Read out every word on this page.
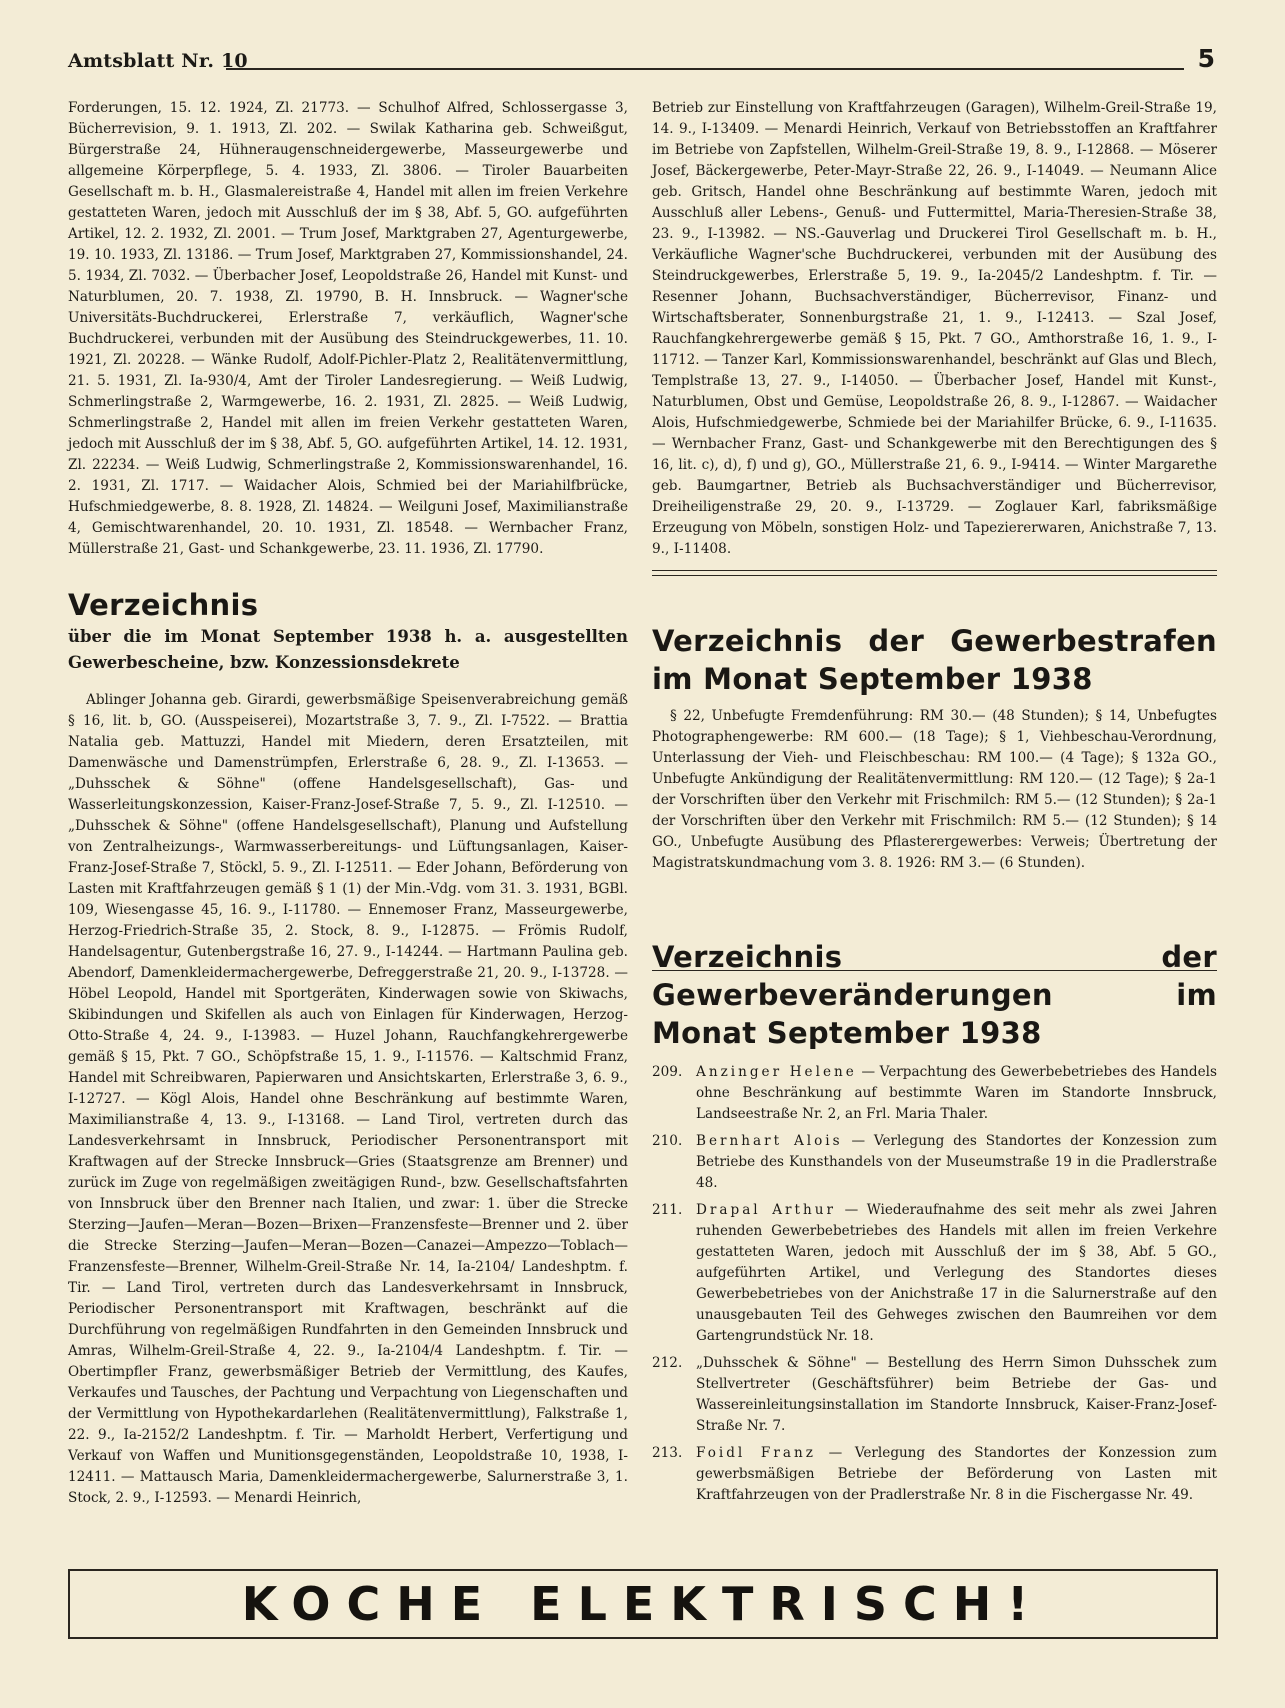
Amtsblatt Nr. 10	5

Forderungen, 15. 12. 1924, Zl. 21773. — Schulhof Alfred, Schlossergasse 3, Bücherrevision, 9. 1. 1913, Zl. 202. — Swilak Katharina geb. Schweißgut, Bürgerstraße 24, Hühneraugenschneidergewerbe, Masseurgewerbe und allgemeine Körperpflege, 5. 4. 1933, Zl. 3806. — Tiroler Bauarbeiten Gesellschaft m. b. H., Glasmalereistraße 4, Handel mit allen im freien Verkehre gestatteten Waren, jedoch mit Ausschluß der im § 38, Abf. 5, GO. aufgeführten Artikel, 12. 2. 1932, Zl. 2001. — Trum Josef, Marktgraben 27, Agenturgewerbe, 19. 10. 1933, Zl. 13186. — Trum Josef, Marktgraben 27, Kommissionshandel, 24. 5. 1934, Zl. 7032. — Überbacher Josef, Leopoldstraße 26, Handel mit Kunst- und Naturblumen, 20. 7. 1938, Zl. 19790, B. H. Innsbruck. — Wagner'sche Universitäts-Buchdruckerei, Erlerstraße 7, verkäuflich, Wagner'sche Buchdruckerei, verbunden mit der Ausübung des Steindruckgewerbes, 11. 10. 1921, Zl. 20228. — Wänke Rudolf, Adolf-Pichler-Platz 2, Realitätenvermittlung, 21. 5. 1931, Zl. Ia-930/4, Amt der Tiroler Landesregierung. — Weiß Ludwig, Schmerlingstraße 2, Warmgewerbe, 16. 2. 1931, Zl. 2825. — Weiß Ludwig, Schmerlingstraße 2, Handel mit allen im freien Verkehr gestatteten Waren, jedoch mit Ausschluß der im § 38, Abf. 5, GO. aufgeführten Artikel, 14. 12. 1931, Zl. 22234. — Weiß Ludwig, Schmerlingstraße 2, Kommissionswarenhandel, 16. 2. 1931, Zl. 1717. — Waidacher Alois, Schmied bei der Mariahilfbrücke, Hufschmiedgewerbe, 8. 8. 1928, Zl. 14824. — Weilguni Josef, Maximilianstraße 4, Gemischtwarenhandel, 20. 10. 1931, Zl. 18548. — Wernbacher Franz, Müllerstraße 21, Gast- und Schankgewerbe, 23. 11. 1936, Zl. 17790.

Verzeichnis

über die im Monat September 1938 h. a. ausgestellten Gewerbescheine, bzw. Konzessionsdekrete

Ablinger Johanna geb. Girardi, gewerbsmäßige Speisenverabreichung gemäß § 16, lit. b, GO. (Ausspeiserei), Mozartstraße 3, 7. 9., Zl. I-7522. — Brattia Natalia geb. Mattuzzi, Handel mit Miedern, deren Ersatzteilen, mit Damenwäsche und Damenstrümpfen, Erlerstraße 6, 28. 9., Zl. I-13653. — „Duhsschek & Söhne" (offene Handelsgesellschaft), Gas- und Wasserleitungskonzession, Kaiser-Franz-Josef-Straße 7, 5. 9., Zl. I-12510. — „Duhsschek & Söhne" (offene Handelsgesellschaft), Planung und Aufstellung von Zentralheizungs-, Warmwasserbereitungs- und Lüftungsanlagen, Kaiser-Franz-Josef-Straße 7, Stöckl, 5. 9., Zl. I-12511. — Eder Johann, Beförderung von Lasten mit Kraftfahrzeugen gemäß § 1 (1) der Min.-Vdg. vom 31. 3. 1931, BGBl. 109, Wiesengasse 45, 16. 9., I-11780. — Ennemoser Franz, Masseurgewerbe, Herzog-Friedrich-Straße 35, 2. Stock, 8. 9., I-12875. — Frömis Rudolf, Handelsagentur, Gutenbergstraße 16, 27. 9., I-14244. — Hartmann Paulina geb. Abendorf, Damenkleidermachergewerbe, Defreggerstraße 21, 20. 9., I-13728. — Höbel Leopold, Handel mit Sportgeräten, Kinderwagen sowie von Skiwachs, Skibindungen und Skifellen als auch von Einlagen für Kinderwagen, Herzog-Otto-Straße 4, 24. 9., I-13983. — Huzel Johann, Rauchfangkehrergewerbe gemäß § 15, Pkt. 7 GO., Schöpfstraße 15, 1. 9., I-11576. — Kaltschmid Franz, Handel mit Schreibwaren, Papierwaren und Ansichtskarten, Erlerstraße 3, 6. 9., I-12727. — Kögl Alois, Handel ohne Beschränkung auf bestimmte Waren, Maximilianstraße 4, 13. 9., I-13168. — Land Tirol, vertreten durch das Landesverkehrsamt in Innsbruck, Periodischer Personentransport mit Kraftwagen auf der Strecke Innsbruck—Gries (Staatsgrenze am Brenner) und zurück im Zuge von regelmäßigen zweitägigen Rund-, bzw. Gesellschaftsfahrten von Innsbruck über den Brenner nach Italien, und zwar: 1. über die Strecke Sterzing—Jaufen—Meran—Bozen—Brixen—Franzensfeste—Brenner und 2. über die Strecke Sterzing—Jaufen—Meran—Bozen—Canazei—Ampezzo—Toblach—Franzensfeste—Brenner, Wilhelm-Greil-Straße Nr. 14, Ia-2104/ Landeshptm. f. Tir. — Land Tirol, vertreten durch das Landesverkehrsamt in Innsbruck, Periodischer Personentransport mit Kraftwagen, beschränkt auf die Durchführung von regelmäßigen Rundfahrten in den Gemeinden Innsbruck und Amras, Wilhelm-Greil-Straße 4, 22. 9., Ia-2104/4 Landeshptm. f. Tir. — Obertimpfler Franz, gewerbsmäßiger Betrieb der Vermittlung, des Kaufes, Verkaufes und Tausches, der Pachtung und Verpachtung von Liegenschaften und der Vermittlung von Hypothekardarlehen (Realitätenvermittlung), Falkstraße 1, 22. 9., Ia-2152/2 Landeshptm. f. Tir. — Marholdt Herbert, Verfertigung und Verkauf von Waffen und Munitionsgegenständen, Leopoldstraße 10, 1938, I-12411. — Mattausch Maria, Damenkleidermachergewerbe, Salurnerstraße 3, 1. Stock, 2. 9., I-12593. — Menardi Heinrich,

Betrieb zur Einstellung von Kraftfahrzeugen (Garagen), Wilhelm-Greil-Straße 19, 14. 9., I-13409. — Menardi Heinrich, Verkauf von Betriebsstoffen an Kraftfahrer im Betriebe von Zapfstellen, Wilhelm-Greil-Straße 19, 8. 9., I-12868. — Möserer Josef, Bäckergewerbe, Peter-Mayr-Straße 22, 26. 9., I-14049. — Neumann Alice geb. Gritsch, Handel ohne Beschränkung auf bestimmte Waren, jedoch mit Ausschluß aller Lebens-, Genuß- und Futtermittel, Maria-Theresien-Straße 38, 23. 9., I-13982. — NS.-Gauverlag und Druckerei Tirol Gesellschaft m. b. H., Verkäufliche Wagner'sche Buchdruckerei, verbunden mit der Ausübung des Steindruckgewerbes, Erlerstraße 5, 19. 9., Ia-2045/2 Landeshptm. f. Tir. — Resenner Johann, Buchsachverständiger, Bücherrevisor, Finanz- und Wirtschaftsberater, Sonnenburgstraße 21, 1. 9., I-12413. — Szal Josef, Rauchfangkehrergewerbe gemäß § 15, Pkt. 7 GO., Amthorstraße 16, 1. 9., I-11712. — Tanzer Karl, Kommissionswarenhandel, beschränkt auf Glas und Blech, Templstraße 13, 27. 9., I-14050. — Überbacher Josef, Handel mit Kunst-, Naturblumen, Obst und Gemüse, Leopoldstraße 26, 8. 9., I-12867. — Waidacher Alois, Hufschmiedgewerbe, Schmiede bei der Mariahilfer Brücke, 6. 9., I-11635. — Wernbacher Franz, Gast- und Schankgewerbe mit den Berechtigungen des § 16, lit. c), d), f) und g), GO., Müllerstraße 21, 6. 9., I-9414. — Winter Margarethe geb. Baumgartner, Betrieb als Buchsachverständiger und Bücherrevisor, Dreiheiligenstraße 29, 20. 9., I-13729. — Zoglauer Karl, fabriksmäßige Erzeugung von Möbeln, sonstigen Holz- und Tapeziererwaren, Anichstraße 7, 13. 9., I-11408.

Verzeichnis der Gewerbestrafen im Monat September 1938

§ 22, Unbefugte Fremdenführung: RM 30.— (48 Stunden); § 14, Unbefugtes Photographengewerbe: RM 600.— (18 Tage); § 1, Viehbeschau-Verordnung, Unterlassung der Vieh- und Fleischbeschau: RM 100.— (4 Tage); § 132a GO., Unbefugte Ankündigung der Realitätenvermittlung: RM 120.— (12 Tage); § 2a-1 der Vorschriften über den Verkehr mit Frischmilch: RM 5.— (12 Stunden); § 2a-1 der Vorschriften über den Verkehr mit Frischmilch: RM 5.— (12 Stunden); § 14 GO., Unbefugte Ausübung des Pflasterergewerbes: Verweis; Übertretung der Magistratskundmachung vom 3. 8. 1926: RM 3.— (6 Stunden).

Verzeichnis der Gewerbeveränderungen im Monat September 1938

209.	Anzinger Helene — Verpachtung des Gewerbebetriebes des Handels ohne Beschränkung auf bestimmte Waren im Standorte Innsbruck, Landseestraße Nr. 2, an Frl. Maria Thaler.
210.	Bernhart Alois — Verlegung des Standortes der Konzession zum Betriebe des Kunsthandels von der Museumstraße 19 in die Pradlerstraße 48.
211.	Drapal Arthur — Wiederaufnahme des seit mehr als zwei Jahren ruhenden Gewerbebetriebes des Handels mit allen im freien Verkehre gestatteten Waren, jedoch mit Ausschluß der im § 38, Abf. 5 GO., aufgeführten Artikel, und Verlegung des Standortes dieses Gewerbebetriebes von der Anichstraße 17 in die Salurnerstraße auf den unausgebauten Teil des Gehweges zwischen den Baumreihen vor dem Gartengrundstück Nr. 18.
212.	„Duhsschek & Söhne" — Bestellung des Herrn Simon Duhsschek zum Stellvertreter (Geschäftsführer) beim Betriebe der Gas- und Wassereinleitungsinstallation im Standorte Innsbruck, Kaiser-Franz-Josef-Straße Nr. 7.
213.	Foidl Franz — Verlegung des Standortes der Konzession zum gewerbsmäßigen Betriebe der Beförderung von Lasten mit Kraftfahrzeugen von der Pradlerstraße Nr. 8 in die Fischergasse Nr. 49.
KOCHE ELEKTRISCH!
